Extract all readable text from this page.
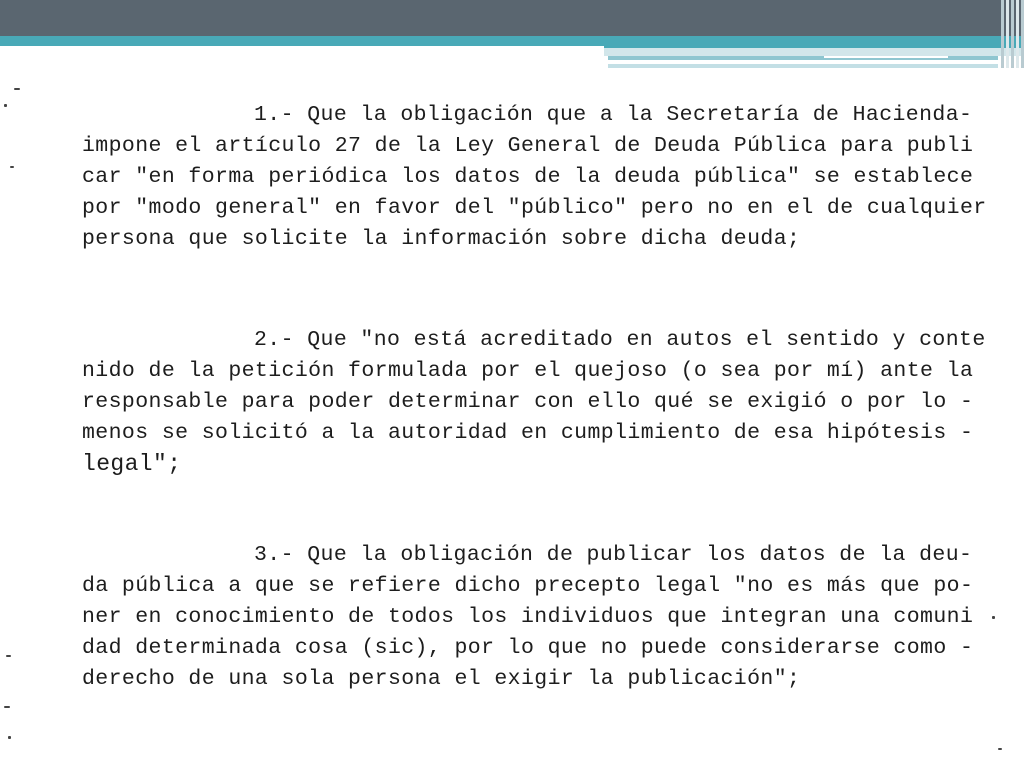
1.- Que la obligación que a la Secretaría de Hacienda-
impone el artículo 27 de la Ley General de Deuda Pública para publi
car "en forma periódica los datos de la deuda pública" se establece
por "modo general" en favor del "público" pero no en el de cualquier
persona que solicite la información sobre dicha deuda;
2.- Que "no está acreditado en autos el sentido y conte
nido de la petición formulada por el quejoso (o sea por mí) ante la
responsable para poder determinar con ello qué se exigió o por lo -
menos se solicitó a la autoridad en cumplimiento de esa hipótesis -
legal";
3.- Que la obligación de publicar los datos de la deu-
da pública a que se refiere dicho precepto legal "no es más que po-
ner en conocimiento de todos los individuos que integran una comuni
dad determinada cosa (sic), por lo que no puede considerarse como -
derecho de una sola persona el exigir la publicación";
